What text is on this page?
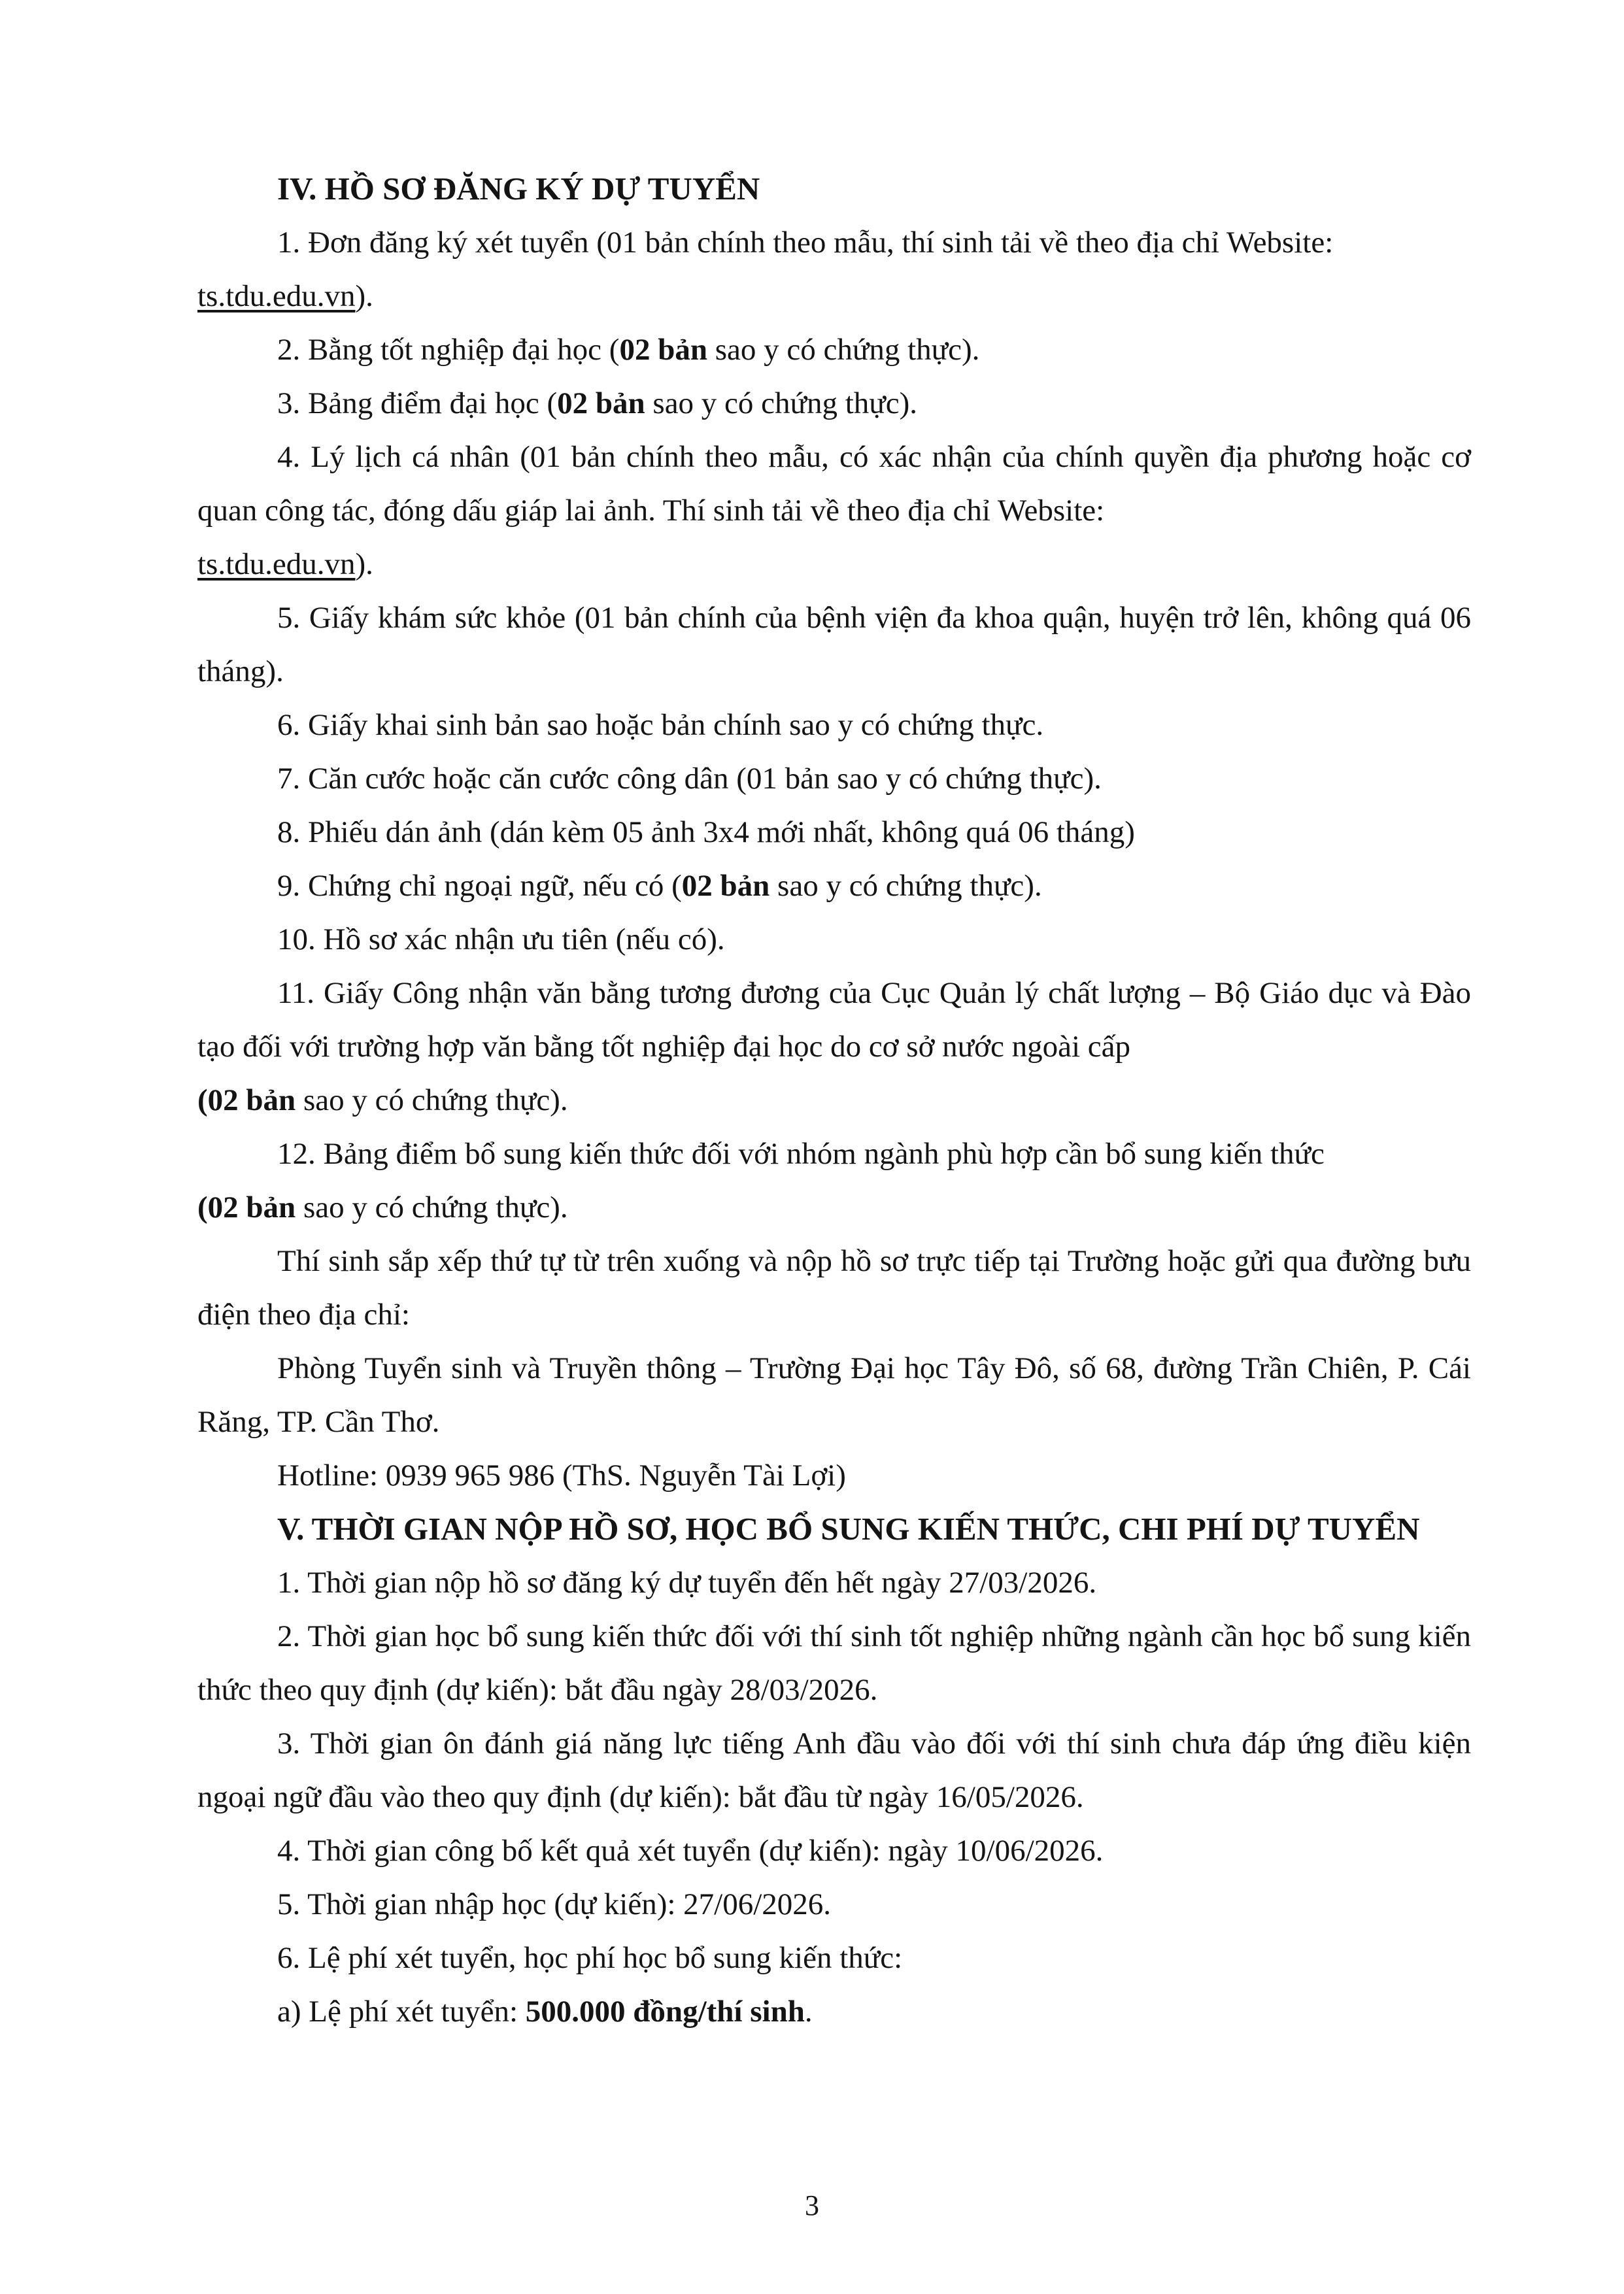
IV. HỒ SƠ ĐĂNG KÝ DỰ TUYỂN
1. Đơn đăng ký xét tuyển (01 bản chính theo mẫu, thí sinh tải về theo địa chỉ Website:
ts.tdu.edu.vn).
2. Bằng tốt nghiệp đại học (02 bản sao y có chứng thực).
3. Bảng điểm đại học (02 bản sao y có chứng thực).
4. Lý lịch cá nhân (01 bản chính theo mẫu, có xác nhận của chính quyền địa phương hoặc cơ quan công tác, đóng dấu giáp lai ảnh. Thí sinh tải về theo địa chỉ Website:
ts.tdu.edu.vn).
5. Giấy khám sức khỏe (01 bản chính của bệnh viện đa khoa quận, huyện trở lên, không quá 06 tháng).
6. Giấy khai sinh bản sao hoặc bản chính sao y có chứng thực.
7. Căn cước hoặc căn cước công dân (01 bản sao y có chứng thực).
8. Phiếu dán ảnh (dán kèm 05 ảnh 3x4 mới nhất, không quá 06 tháng)
9. Chứng chỉ ngoại ngữ, nếu có (02 bản sao y có chứng thực).
10. Hồ sơ xác nhận ưu tiên (nếu có).
11. Giấy Công nhận văn bằng tương đương của Cục Quản lý chất lượng – Bộ Giáo dục và Đào tạo đối với trường hợp văn bằng tốt nghiệp đại học do cơ sở nước ngoài cấp
(02 bản sao y có chứng thực).
12. Bảng điểm bổ sung kiến thức đối với nhóm ngành phù hợp cần bổ sung kiến thức
(02 bản sao y có chứng thực).
Thí sinh sắp xếp thứ tự từ trên xuống và nộp hồ sơ trực tiếp tại Trường hoặc gửi qua đường bưu điện theo địa chỉ:
Phòng Tuyển sinh và Truyền thông – Trường Đại học Tây Đô, số 68, đường Trần Chiên, P. Cái Răng, TP. Cần Thơ.
Hotline: 0939 965 986 (ThS. Nguyễn Tài Lợi)
V. THỜI GIAN NỘP HỒ SƠ, HỌC BỔ SUNG KIẾN THỨC, CHI PHÍ DỰ TUYỂN
1. Thời gian nộp hồ sơ đăng ký dự tuyển đến hết ngày 27/03/2026.
2. Thời gian học bổ sung kiến thức đối với thí sinh tốt nghiệp những ngành cần học bổ sung kiến thức theo quy định (dự kiến): bắt đầu ngày 28/03/2026.
3. Thời gian ôn đánh giá năng lực tiếng Anh đầu vào đối với thí sinh chưa đáp ứng điều kiện ngoại ngữ đầu vào theo quy định (dự kiến): bắt đầu từ ngày 16/05/2026.
4. Thời gian công bố kết quả xét tuyển (dự kiến): ngày 10/06/2026.
5. Thời gian nhập học (dự kiến): 27/06/2026.
6. Lệ phí xét tuyển, học phí học bổ sung kiến thức:
a) Lệ phí xét tuyển: 500.000 đồng/thí sinh.
3
